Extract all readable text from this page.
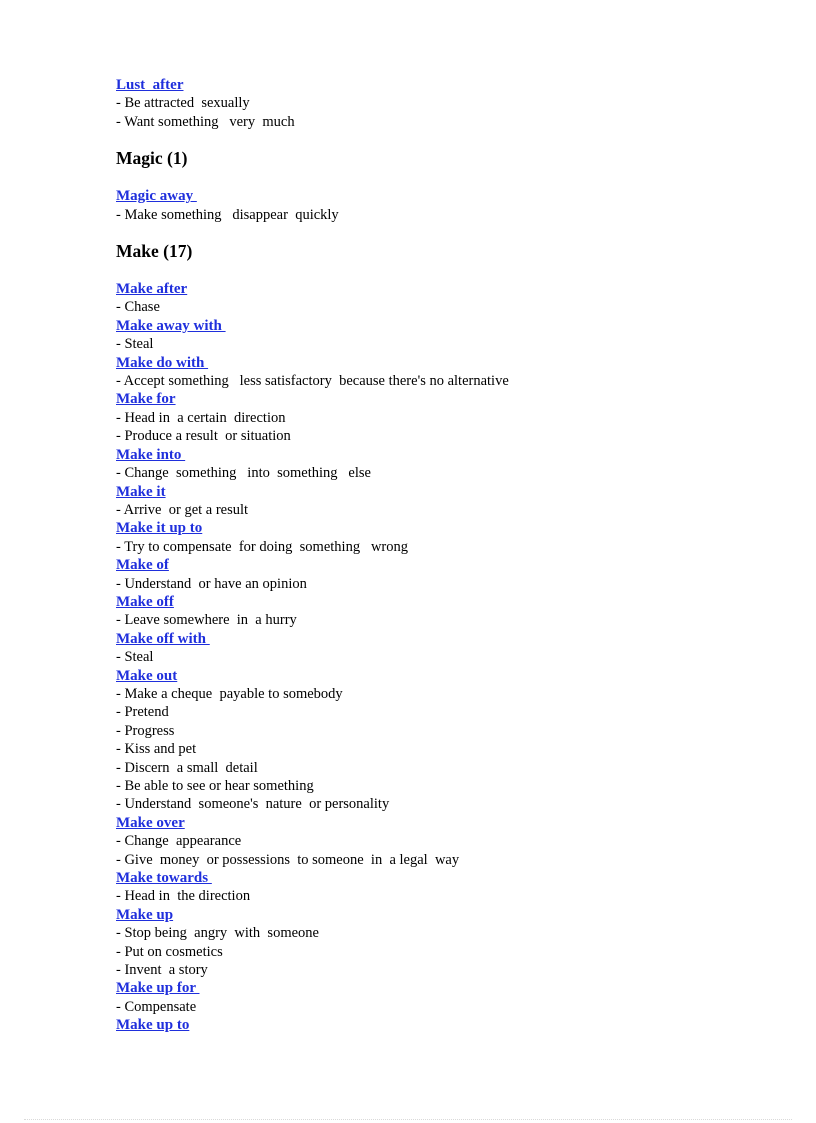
Lust  after
- Be attracted  sexually
- Want something   very  much
Magic (1)
Magic away
- Make something   disappear  quickly
Make (17)
Make after
- Chase
Make away with
- Steal
Make do with
- Accept something   less satisfactory  because there's no alternative
Make for
- Head in  a certain  direction
- Produce a result  or situation
Make into
- Change  something   into  something   else
Make it
- Arrive  or get a result
Make it up to
- Try to compensate  for doing  something   wrong
Make of
- Understand  or have an opinion
Make off
- Leave somewhere  in  a hurry
Make off with
- Steal
Make out
- Make a cheque  payable to somebody
- Pretend
- Progress
- Kiss and pet
- Discern  a small  detail
- Be able to see or hear something
- Understand  someone's  nature  or personality
Make over
- Change  appearance
- Give  money  or possessions  to someone  in  a legal  way
Make towards
- Head in  the direction
Make up
- Stop being  angry  with  someone
- Put on cosmetics
- Invent  a story
Make up for
- Compensate
Make up to
